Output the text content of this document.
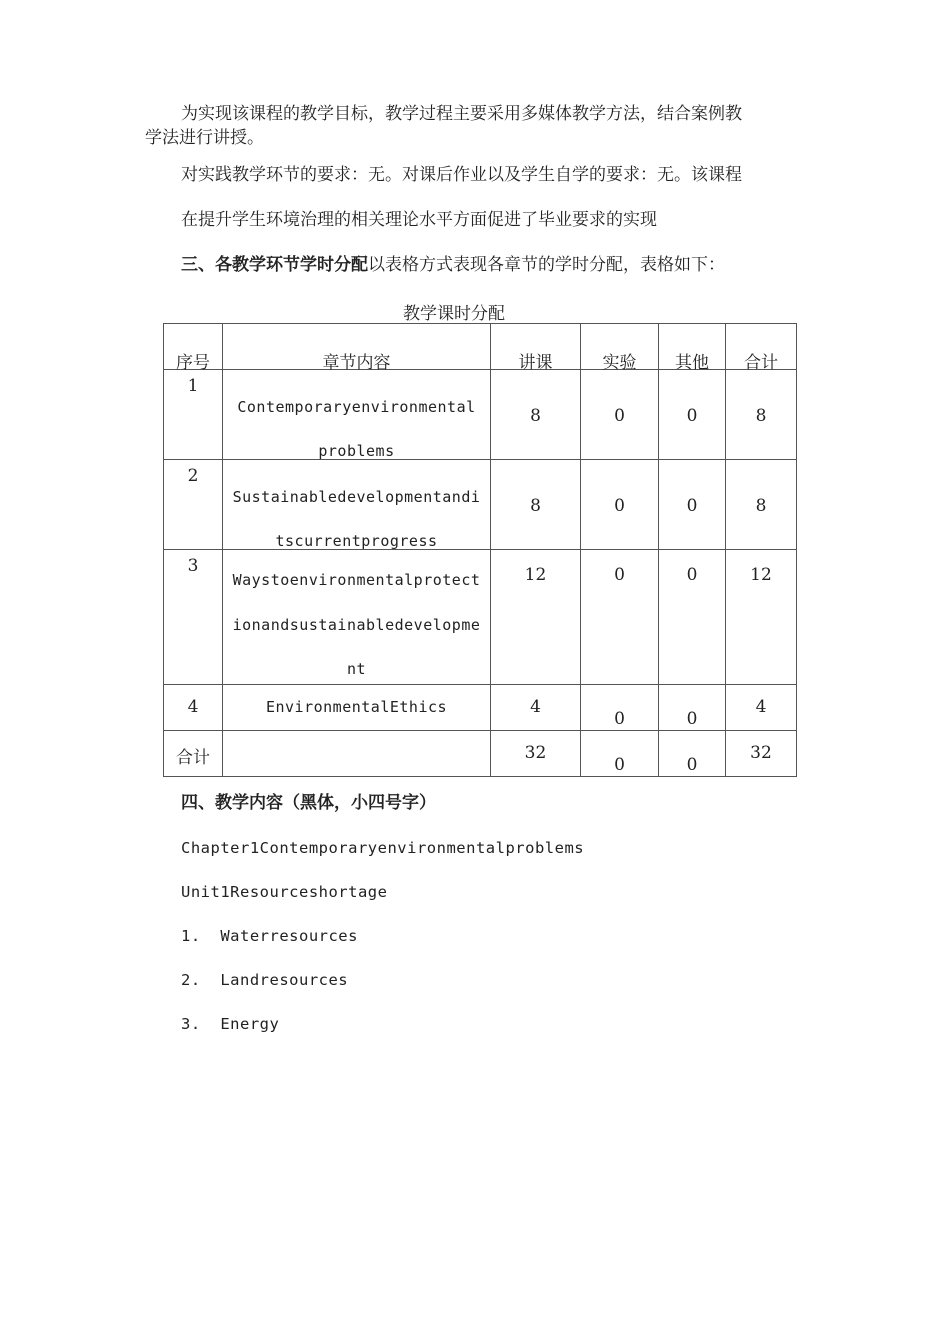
为实现该课程的教学目标，教学过程主要采用多媒体教学方法，结合案例教
学法进行讲授。
对实践教学环节的要求：无。对课后作业以及学生自学的要求：无。该课程
在提升学生环境治理的相关理论水平方面促进了毕业要求的实现
三、各教学环节学时分配以表格方式表现各章节的学时分配，表格如下：
教学课时分配
序号	章节内容	讲课	实验	其他	合计

1	Contemporaryenvironmental
problems	8	0	0	8

2	Sustainabledevelopmentandi
tscurrentprogress	8	0	0	8

3	Waystoenvironmentalprotect
ionandsustainabledevelopme
nt	12	0	0	12

4	EnvironmentalEthics	4	0	0	4

合计		32	0	0	32
四、教学内容（黑体，小四号字）
Chapter1Contemporaryenvironmentalproblems
Unit1Resourceshortage
1.  Waterresources
2.  Landresources
3.  Energy
